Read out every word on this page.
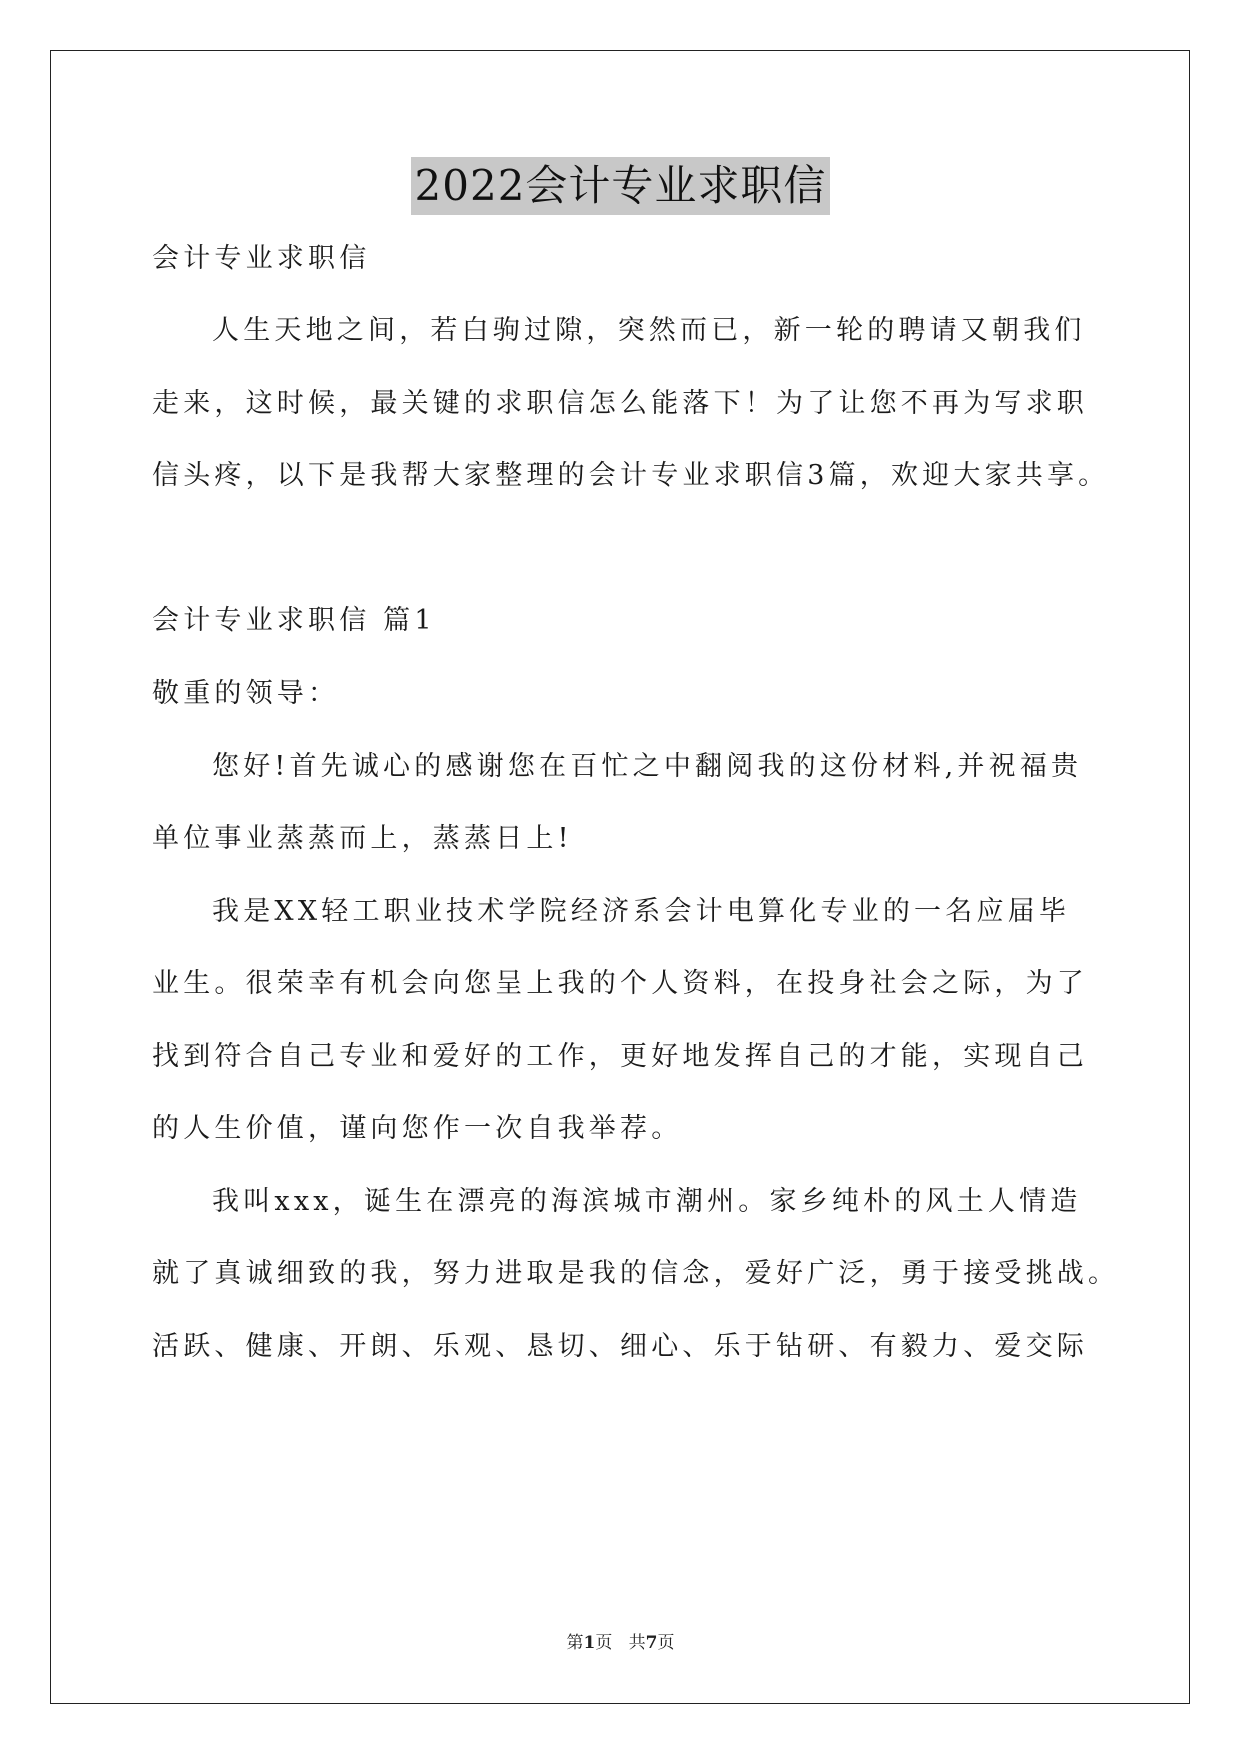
2022会计专业求职信
会计专业求职信
人生天地之间，若白驹过隙，突然而已，新一轮的聘请又朝我们
走来，这时候，最关键的求职信怎么能落下！为了让您不再为写求职
信头疼，以下是我帮大家整理的会计专业求职信3篇，欢迎大家共享。
会计专业求职信 篇1
敬重的领导：
您好!首先诚心的感谢您在百忙之中翻阅我的这份材料,并祝福贵
单位事业蒸蒸而上，蒸蒸日上!
我是XX轻工职业技术学院经济系会计电算化专业的一名应届毕
业生。很荣幸有机会向您呈上我的个人资料，在投身社会之际，为了
找到符合自己专业和爱好的工作，更好地发挥自己的才能，实现自己
的人生价值，谨向您作一次自我举荐。
我叫xxx，诞生在漂亮的海滨城市潮州。家乡纯朴的风土人情造
就了真诚细致的我，努力进取是我的信念，爱好广泛，勇于接受挑战。
活跃、健康、开朗、乐观、恳切、细心、乐于钻研、有毅力、爱交际
第1页   共7页
